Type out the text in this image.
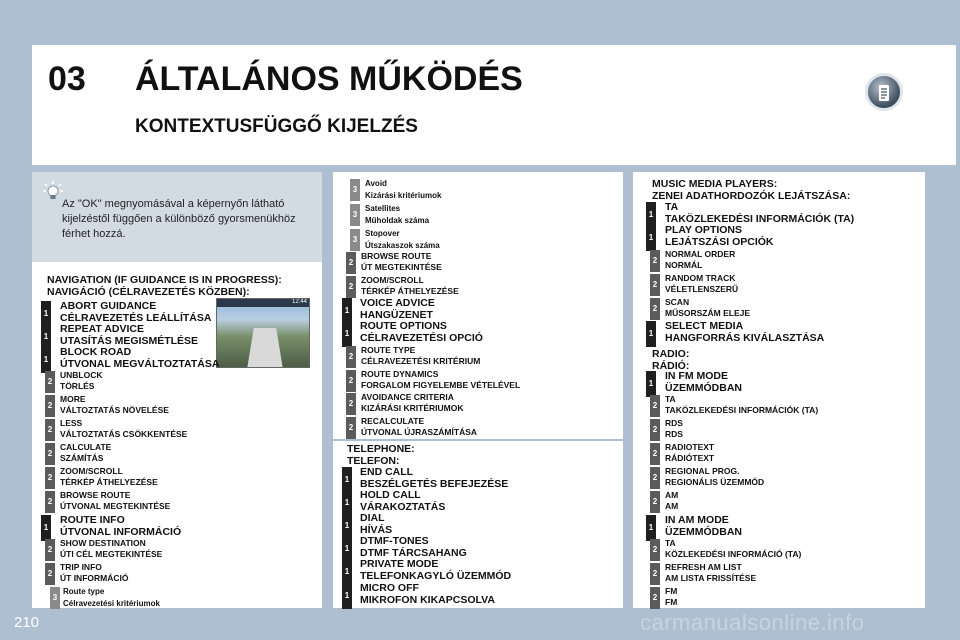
03 ÁLTALÁNOS MŰKÖDÉS
KONTEXTUSFÜGGŐ KIJELZÉS
Az "OK" megnyomásával a képernyőn látható kijelzéstől függően a különböző gyorsmenükhöz férhet hozzá.
NAVIGATION (IF GUIDANCE IS IN PROGRESS):
NAVIGÁCIÓ (CÉLRAVEZETÉS KÖZBEN):
12:44
1
ABORT GUIDANCE
CÉLRAVEZETÉS LEÁLLÍTÁSA
1
REPEAT ADVICE
UTASÍTÁS MEGISMÉTLÉSE
1
BLOCK ROAD
ÚTVONAL MEGVÁLTOZTATÁSA
2
UNBLOCK
TÖRLÉS
2
MORE
VÁLTOZTATÁS NÖVELÉSE
2
LESS
VÁLTOZTATÁS CSÖKKENTÉSE
2
CALCULATE
SZÁMÍTÁS
2
ZOOM/SCROLL
TÉRKÉP ÁTHELYEZÉSE
2
BROWSE ROUTE
ÚTVONAL MEGTEKINTÉSE
1
ROUTE INFO
ÚTVONAL INFORMÁCIÓ
2
SHOW DESTINATION
ÚTI CÉL MEGTEKINTÉSE
2
TRIP INFO
ÚT INFORMÁCIÓ
3
Route type
Célravezetési kritériumok
3
Avoid
Kizárási kritériumok
3
Satellites
Műholdak száma
3
Stopover
Útszakaszok száma
2
BROWSE ROUTE
ÚT MEGTEKINTÉSE
2
ZOOM/SCROLL
TÉRKÉP ÁTHELYEZÉSE
1
VOICE ADVICE
HANGÜZENET
1
ROUTE OPTIONS
CÉLRAVEZETÉSI OPCIÓ
2
ROUTE TYPE
CÉLRAVEZETÉSI KRITÉRIUM
2
ROUTE DYNAMICS
FORGALOM FIGYELEMBE VÉTELÉVEL
2
AVOIDANCE CRITERIA
KIZÁRÁSI KRITÉRIUMOK
2
RECALCULATE
ÚTVONAL ÚJRASZÁMÍTÁSA
1
END CALL
BESZÉLGETÉS BEFEJEZÉSE
1
HOLD CALL
VÁRAKOZTATÁS
1
DIAL
HÍVÁS
1
DTMF-TONES
DTMF TÁRCSAHANG
1
PRIVATE MODE
TELEFONKAGYLÓ ÜZEMMÓD
1
MICRO OFF
MIKROFON KIKAPCSOLVA
1
TA
TAKÖZLEKEDÉSI INFORMÁCIÓK (TA)
1
PLAY OPTIONS
LEJÁTSZÁSI OPCIÓK
2
NORMAL ORDER
NORMÁL
2
RANDOM TRACK
VÉLETLENSZERŰ
2
SCAN
MŰSORSZÁM ELEJE
1
SELECT MEDIA
HANGFORRÁS KIVÁLASZTÁSA
1
IN FM MODE
ÜZEMMÓDBAN
2
TA
TAKÖZLEKEDÉSI INFORMÁCIÓK (TA)
2
RDS
RDS
2
RADIOTEXT
RÁDIÓTEXT
2
REGIONAL PROG.
REGIONÁLIS ÜZEMMÓD
2
AM
AM
1
IN AM MODE
ÜZEMMÓDBAN
2
TA
KÖZLEKEDÉSI INFORMÁCIÓ (TA)
2
REFRESH AM LIST
AM LISTA FRISSÍTÉSE
2
FM
FM
TELEPHONE:
TELEFON:
MUSIC MEDIA PLAYERS:
ZENEI ADATHORDOZÓK LEJÁTSZÁSA:
RADIO:
RÁDIÓ:
210	carmanualsonline.info
